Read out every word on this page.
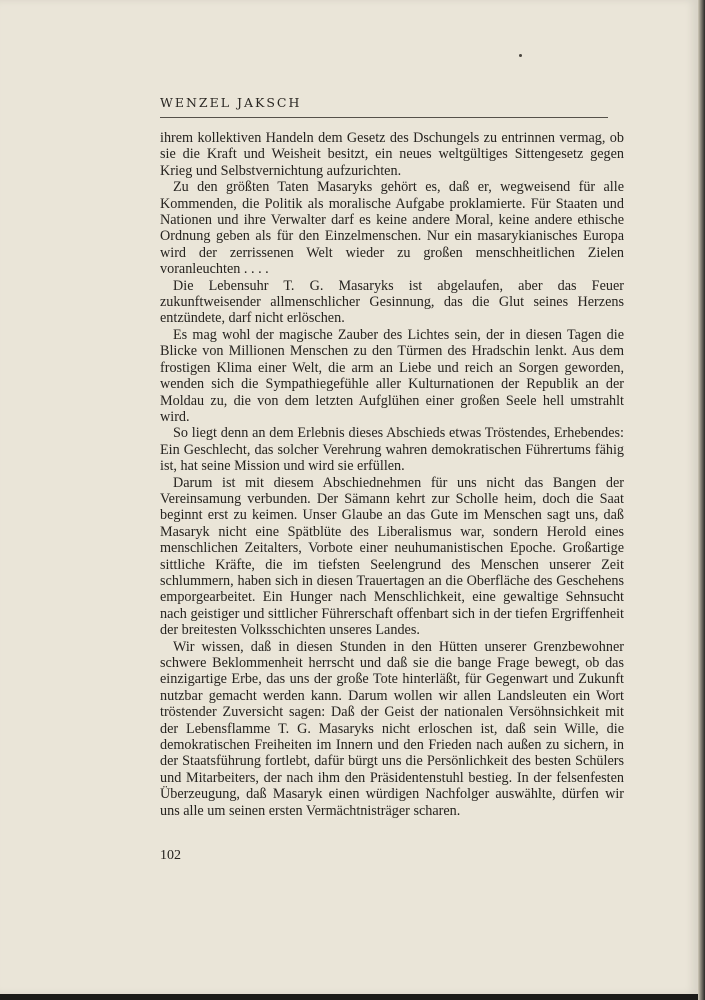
WENZEL JAKSCH

ihrem kollektiven Handeln dem Gesetz des Dschungels zu entrinnen vermag, ob sie die Kraft und Weisheit besitzt, ein neues weltgültiges Sittengesetz gegen Krieg und Selbstvernichtung aufzurichten.

Zu den größten Taten Masaryks gehört es, daß er, wegweisend für alle Kommenden, die Politik als moralische Aufgabe proklamierte. Für Staaten und Nationen und ihre Verwalter darf es keine andere Moral, keine andere ethische Ordnung geben als für den Einzelmenschen. Nur ein masarykianisches Europa wird der zerrissenen Welt wieder zu großen menschheitlichen Zielen voranleuchten . . . .

Die Lebensuhr T. G. Masaryks ist abgelaufen, aber das Feuer zukunftweisender allmenschlicher Gesinnung, das die Glut seines Herzens entzündete, darf nicht erlöschen.

Es mag wohl der magische Zauber des Lichtes sein, der in diesen Tagen die Blicke von Millionen Menschen zu den Türmen des Hradschin lenkt. Aus dem frostigen Klima einer Welt, die arm an Liebe und reich an Sorgen geworden, wenden sich die Sympathiegefühle aller Kulturnationen der Republik an der Moldau zu, die von dem letzten Aufglühen einer großen Seele hell umstrahlt wird.

So liegt denn an dem Erlebnis dieses Abschieds etwas Tröstendes, Erhebendes: Ein Geschlecht, das solcher Verehrung wahren demokratischen Führertums fähig ist, hat seine Mission und wird sie erfüllen.

Darum ist mit diesem Abschiednehmen für uns nicht das Bangen der Vereinsamung verbunden. Der Sämann kehrt zur Scholle heim, doch die Saat beginnt erst zu keimen. Unser Glaube an das Gute im Menschen sagt uns, daß Masaryk nicht eine Spätblüte des Liberalismus war, sondern Herold eines menschlichen Zeitalters, Vorbote einer neuhumanistischen Epoche. Großartige sittliche Kräfte, die im tiefsten Seelengrund des Menschen unserer Zeit schlummern, haben sich in diesen Trauertagen an die Oberfläche des Geschehens emporgearbeitet. Ein Hunger nach Menschlichkeit, eine gewaltige Sehnsucht nach geistiger und sittlicher Führerschaft offenbart sich in der tiefen Ergriffenheit der breitesten Volksschichten unseres Landes.

Wir wissen, daß in diesen Stunden in den Hütten unserer Grenzbewohner schwere Beklommenheit herrscht und daß sie die bange Frage bewegt, ob das einzigartige Erbe, das uns der große Tote hinterläßt, für Gegenwart und Zukunft nutzbar gemacht werden kann. Darum wollen wir allen Landsleuten ein Wort tröstender Zuversicht sagen: Daß der Geist der nationalen Versöhnsichkeit mit der Lebensflamme T. G. Masaryks nicht erloschen ist, daß sein Wille, die demokratischen Freiheiten im Innern und den Frieden nach außen zu sichern, in der Staatsführung fortlebt, dafür bürgt uns die Persönlichkeit des besten Schülers und Mitarbeiters, der nach ihm den Präsidentenstuhl bestieg. In der felsenfesten Überzeugung, daß Masaryk einen würdigen Nachfolger auswählte, dürfen wir uns alle um seinen ersten Vermächtnisträger scharen.

102
